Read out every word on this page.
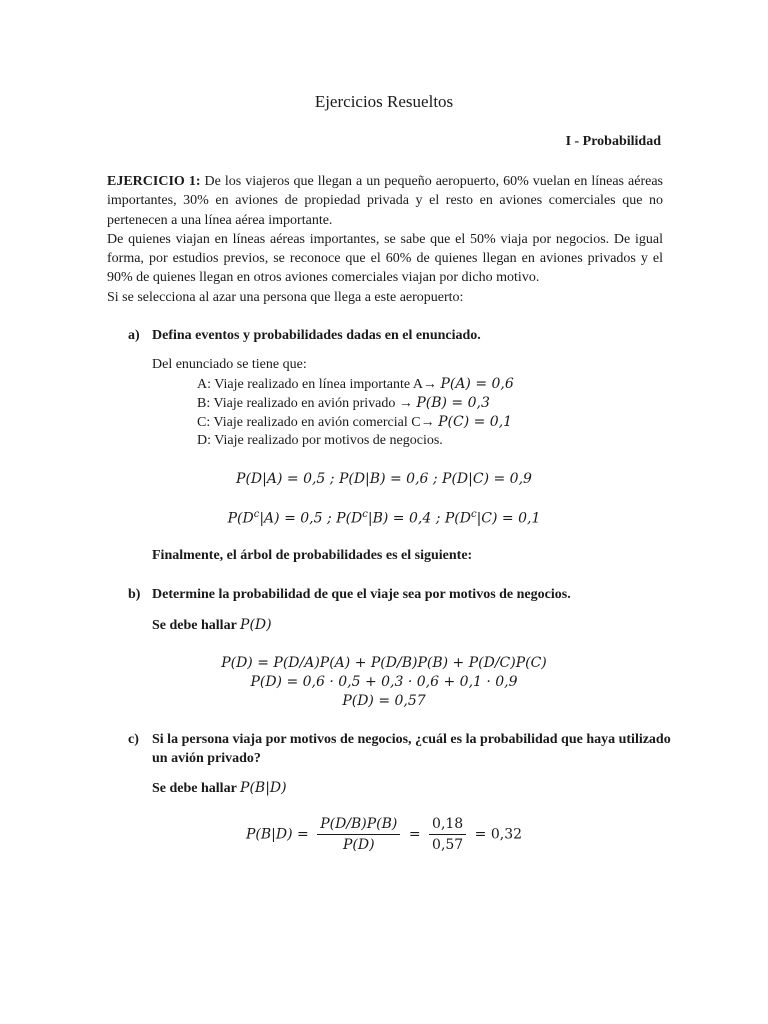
Ejercicios Resueltos
I - Probabilidad
EJERCICIO 1: De los viajeros que llegan a un pequeño aeropuerto, 60% vuelan en líneas aéreas
importantes, 30% en aviones de propiedad privada y el resto en aviones comerciales que no
pertenecen a una línea aérea importante.
De quienes viajan en líneas aéreas importantes, se sabe que el 50% viaja por negocios. De igual
forma, por estudios previos, se reconoce que el 60% de quienes llegan en aviones privados y el
90% de quienes llegan en otros aviones comerciales viajan por dicho motivo.
Si se selecciona al azar una persona que llega a este aeropuerto:
a) Defina eventos y probabilidades dadas en el enunciado.
Del enunciado se tiene que:
A: Viaje realizado en línea importante A→ P(A) = 0,6
B: Viaje realizado en avión privado → P(B) = 0,3
C: Viaje realizado en avión comercial C→ P(C) = 0,1
D: Viaje realizado por motivos de negocios.
P(D|A) = 0,5 ; P(D|B) = 0,6 ; P(D|C) = 0,9
$P(D^c|A) = 0,5$ ; $P(D^c|B) = 0,4$ ; $P(D^c|C) = 0,1$
Finalmente, el árbol de probabilidades es el siguiente:
b) Determine la probabilidad de que el viaje sea por motivos de negocios.
Se debe hallar P(D)
P(D) = P(D/A)P(A) + P(D/B)P(B) + P(D/C)P(C)
P(D) = 0,6 · 0,5 + 0,3 · 0,6 + 0,1 · 0,9
P(D) = 0,57
c) Si la persona viaja por motivos de negocios, ¿cuál es la probabilidad que haya utilizado
un avión privado?
Se debe hallar P(B|D)
$P(B|D) = \frac{P(D/B)P(B)}{P(D)} = \frac{0,18}{0,57} = 0,32$
